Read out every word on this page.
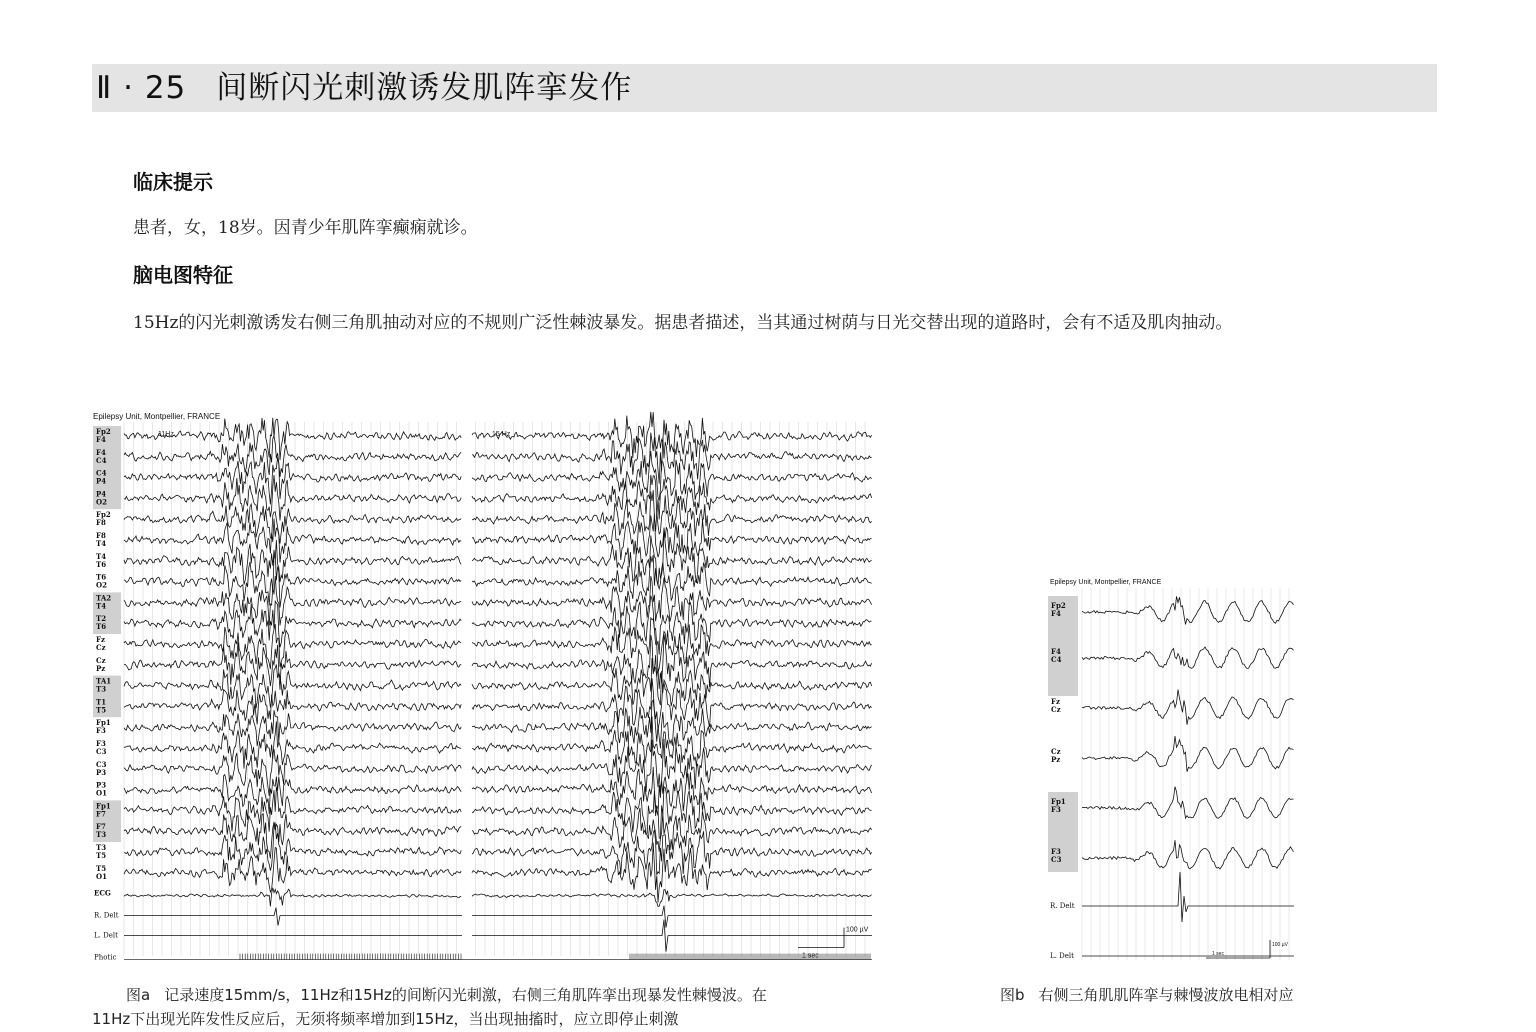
Ⅱ · 25 间断闪光刺激诱发肌阵挛发作
临床提示
患者，女，18岁。因青少年肌阵挛癫痫就诊。
脑电图特征
15Hz的闪光刺激诱发右侧三角肌抽动对应的不规则广泛性棘波暴发。据患者描述，当其通过树荫与日光交替出现的道路时，会有不适及肌肉抽动。
Epilepsy Unit, Montpellier, FRANCE
11Hz	15 Hz
Fp2
F4
F4
C4
C4
P4
P4
O2
Fp2
F8
F8
T4
T4
T6
T6
O2
TA2
T4
T2
T6
Fz
Cz
Cz
Pz
TA1
T3
T1
T5
Fp1
F3
F3
C3
C3
P3
P3
O1
Fp1
F7
F7
T3
T3
T5
T5
O1
ECG
R. Delt
L. Delt
Photic
100 µV
1 sec
图a 记录速度15mm/s，11Hz和15Hz的间断闪光刺激，右侧三角肌阵挛出现暴发性棘慢波。在
11Hz下出现光阵发性反应后，无须将频率增加到15Hz，当出现抽搐时，应立即停止刺激
Epilepsy Unit, Montpellier, FRANCE
Fp2
F4
F4
C4
Fz
Cz
Cz
Pz
Fp1
F3
F3
C3
R. Delt
L. Delt
100 µV
1 sec
图b 右侧三角肌肌阵挛与棘慢波放电相对应
